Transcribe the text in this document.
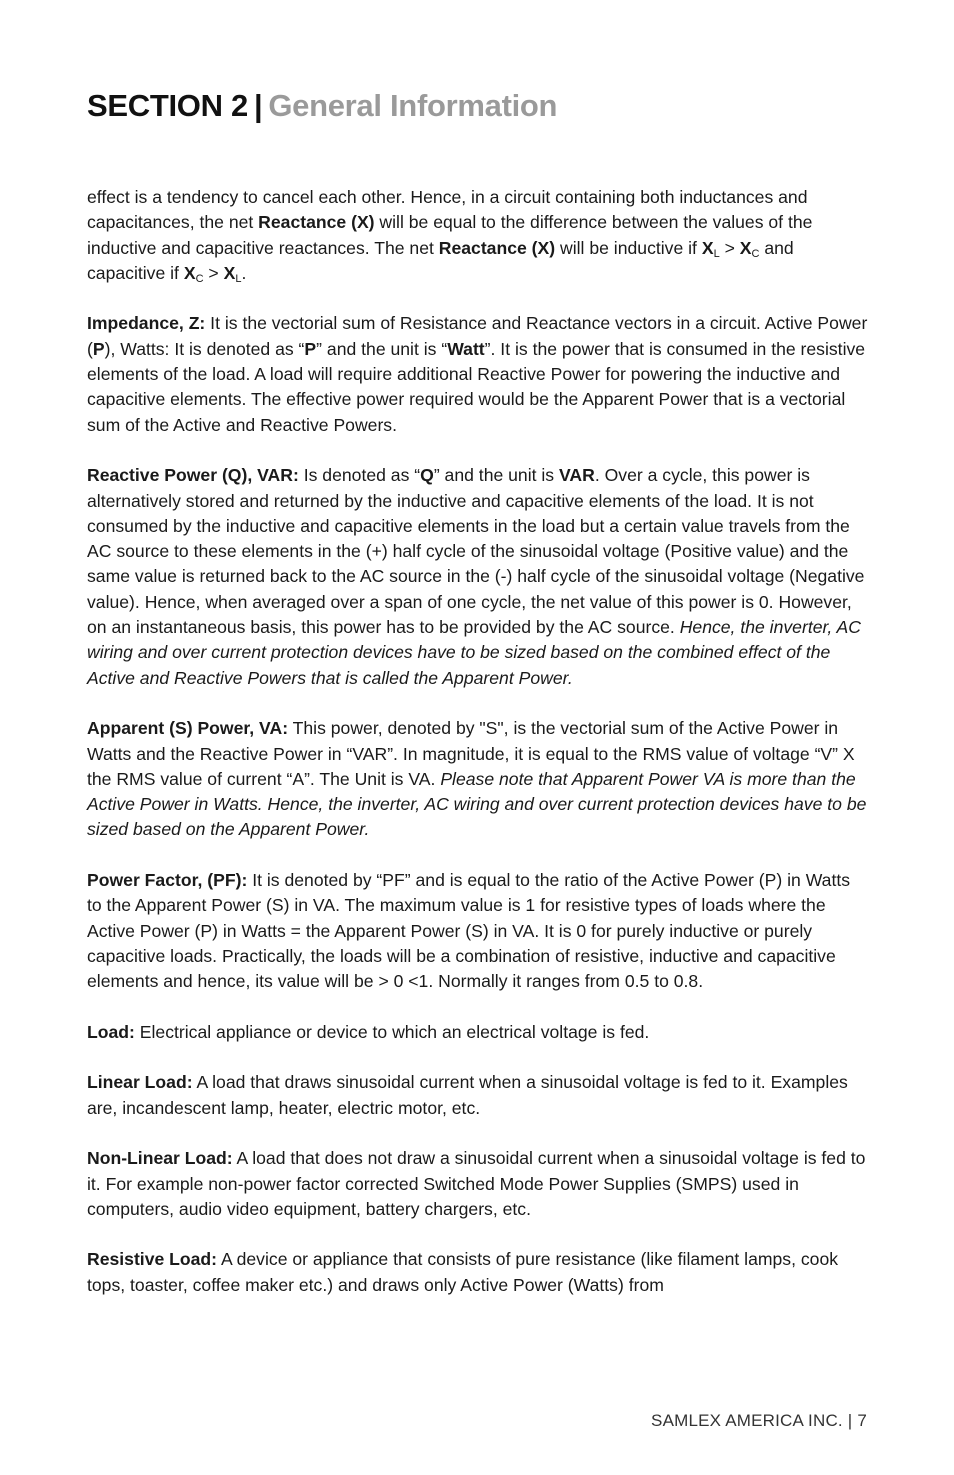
SECTION 2 | General Information

effect is a tendency to cancel each other. Hence, in a circuit containing both inductances and capacitances, the net Reactance (X) will be equal to the difference between the values of the inductive and capacitive reactances. The net Reactance (X) will be inductive if $X_L > X_C$ and capacitive if $X_C > X_L$.

Impedance, Z: It is the vectorial sum of Resistance and Reactance vectors in a circuit. Active Power (P), Watts: It is denoted as “P” and the unit is “Watt”. It is the power that is consumed in the resistive elements of the load. A load will require additional Reactive Power for powering the inductive and capacitive elements. The effective power required would be the Apparent Power that is a vectorial sum of the Active and Reactive Powers.

Reactive Power (Q), VAR: Is denoted as “Q” and the unit is VAR. Over a cycle, this power is alternatively stored and returned by the inductive and capacitive elements of the load. It is not consumed by the inductive and capacitive elements in the load but a certain value travels from the AC source to these elements in the (+) half cycle of the sinusoidal voltage (Positive value) and the same value is returned back to the AC source in the (-) half cycle of the sinusoidal voltage (Negative value). Hence, when averaged over a span of one cycle, the net value of this power is 0. However, on an instantaneous basis, this power has to be provided by the AC source. Hence, the inverter, AC wiring and over current protection devices have to be sized based on the combined effect of the Active and Reactive Powers that is called the Apparent Power.

Apparent (S) Power, VA: This power, denoted by "S", is the vectorial sum of the Active Power in Watts and the Reactive Power in “VAR”. In magnitude, it is equal to the RMS value of voltage “V” X the RMS value of current “A”. The Unit is VA. Please note that Apparent Power VA is more than the Active Power in Watts. Hence, the inverter, AC wiring and over current protection devices have to be sized based on the Apparent Power.

Power Factor, (PF): It is denoted by “PF” and is equal to the ratio of the Active Power (P) in Watts to the Apparent Power (S) in VA. The maximum value is 1 for resistive types of loads where the Active Power (P) in Watts = the Apparent Power (S) in VA. It is 0 for purely inductive or purely capacitive loads. Practically, the loads will be a combination of resistive, inductive and capacitive elements and hence, its value will be > 0 <1. Normally it ranges from 0.5 to 0.8.

Load: Electrical appliance or device to which an electrical voltage is fed.

Linear Load: A load that draws sinusoidal current when a sinusoidal voltage is fed to it. Examples are, incandescent lamp, heater, electric motor, etc.

Non-Linear Load: A load that does not draw a sinusoidal current when a sinusoidal voltage is fed to it. For example non-power factor corrected Switched Mode Power Supplies (SMPS) used in computers, audio video equipment, battery chargers, etc.

Resistive Load: A device or appliance that consists of pure resistance (like filament lamps, cook tops, toaster, coffee maker etc.) and draws only Active Power (Watts) from

SAMLEX AMERICA INC. | 7
